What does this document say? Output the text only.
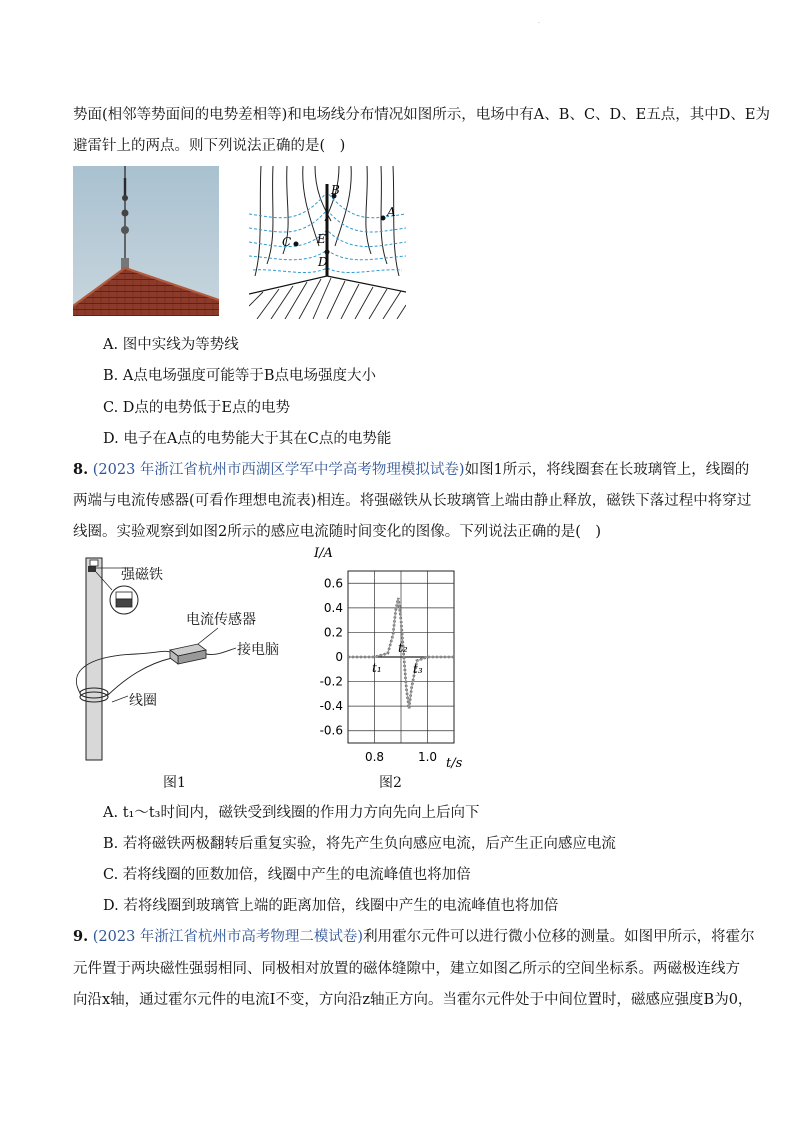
·
势面(相邻等势面间的电势差相等)和电场线分布情况如图所示，电场中有A、B、C、D、E五点，其中D、E为
避雷针上的两点。则下列说法正确的是(　)
B
A
C E
D
A. 图中实线为等势线
B. A点电场强度可能等于B点电场强度大小
C. D点的电势低于E点的电势
D. 电子在A点的电势能大于其在C点的电势能
8. (2023 年浙江省杭州市西湖区学军中学高考物理模拟试卷)如图1所示，将线圈套在长玻璃管上，线圈的
两端与电流传感器(可看作理想电流表)相连。将强磁铁从长玻璃管上端由静止释放，磁铁下落过程中将穿过
线圈。实验观察到如图2所示的感应电流随时间变化的图像。下列说法正确的是(　)
强磁铁
电流传感器
接电脑
线圈
图1
0.6
0.4
0.2
0
-0.2
-0.4
-0.6
0.8	1.0
I/A
t/s
t₁
t₂
t₃
图2
A. t₁～t₃时间内，磁铁受到线圈的作用力方向先向上后向下
B. 若将磁铁两极翻转后重复实验，将先产生负向感应电流，后产生正向感应电流
C. 若将线圈的匝数加倍，线圈中产生的电流峰值也将加倍
D. 若将线圈到玻璃管上端的距离加倍，线圈中产生的电流峰值也将加倍
9. (2023 年浙江省杭州市高考物理二模试卷)利用霍尔元件可以进行微小位移的测量。如图甲所示，将霍尔
元件置于两块磁性强弱相同、同极相对放置的磁体缝隙中，建立如图乙所示的空间坐标系。两磁极连线方
向沿x轴，通过霍尔元件的电流I不变，方向沿z轴正方向。当霍尔元件处于中间位置时，磁感应强度B为0，
